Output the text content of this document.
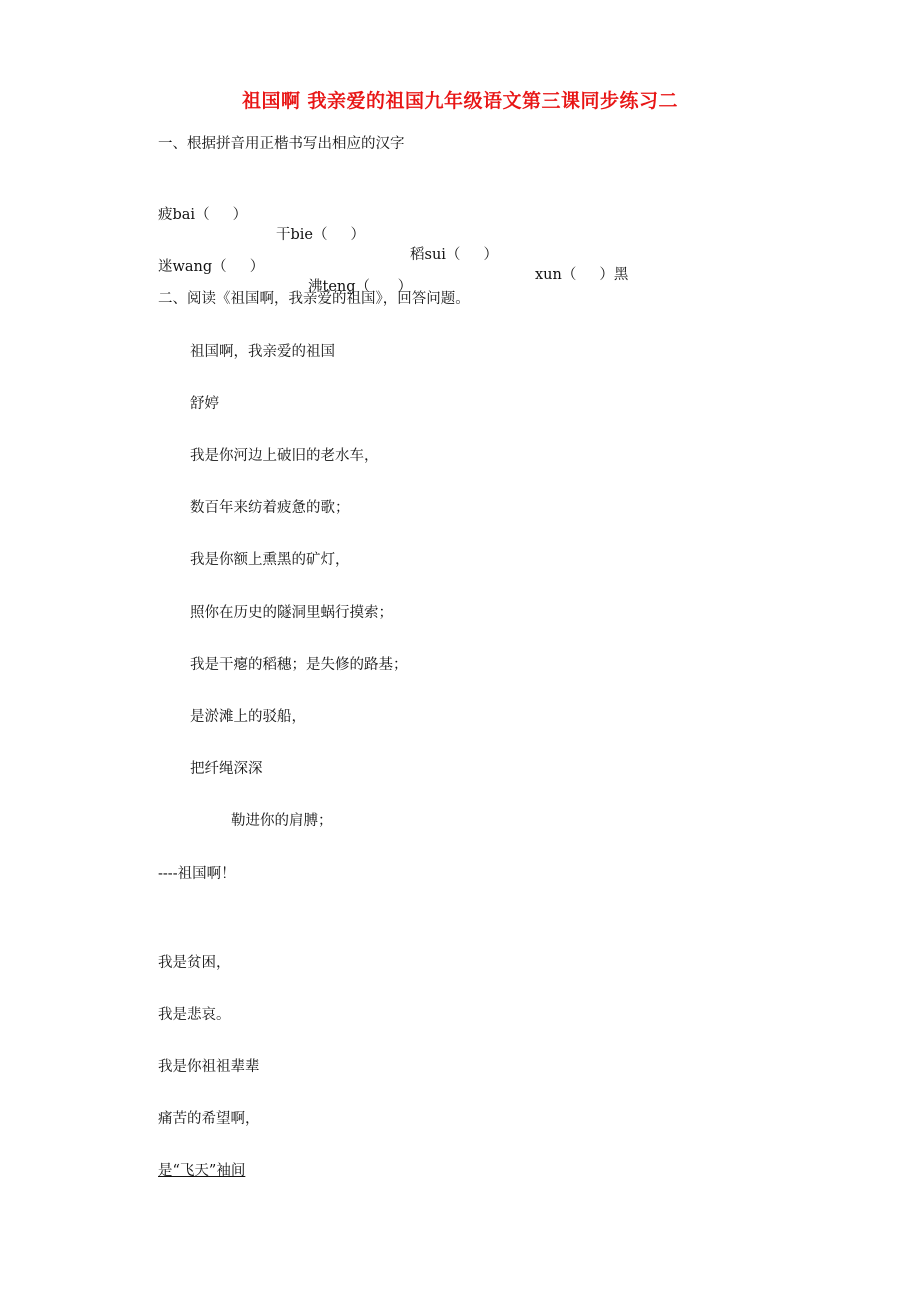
祖国啊 我亲爱的祖国九年级语文第三课同步练习二
一、根据拼音用正楷书写出相应的汉字

疲bai（     ）

干bie（     ）

稻sui（     ）

xun（     ）黑

迷wang（     ）

沸teng（      ）

二、阅读《祖国啊，我亲爱的祖国》，回答问题。
祖国啊，我亲爱的祖国
舒婷
我是你河边上破旧的老水车，
数百年来纺着疲惫的歌；
我是你额上熏黑的矿灯，
照你在历史的隧洞里蜗行摸索；
我是干瘪的稻穗；是失修的路基；
是淤滩上的驳船，
把纤绳深深
勒进你的肩膊；
----祖国啊！
我是贫困，
我是悲哀。
我是你祖祖辈辈
痛苦的希望啊，
是“飞天”袖间
